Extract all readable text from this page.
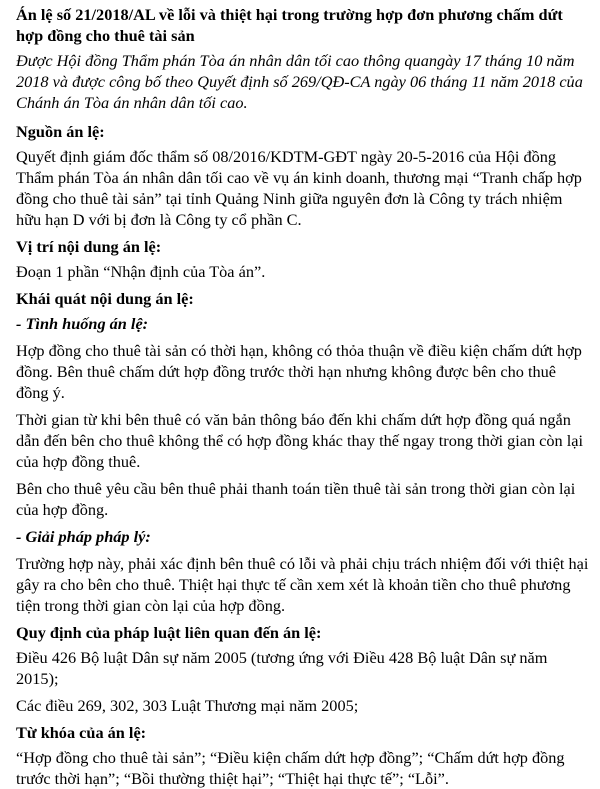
Án lệ số 21/2018/AL về lỗi và thiệt hại trong trường hợp đơn phương chấm dứt hợp đồng cho thuê tài sản

Được Hội đồng Thẩm phán Tòa án nhân dân tối cao thông quangày 17 tháng 10 năm 2018 và được công bố theo Quyết định số 269/QĐ-CA ngày 06 tháng 11 năm 2018 của Chánh án Tòa án nhân dân tối cao.

Nguồn án lệ:

Quyết định giám đốc thẩm số 08/2016/KDTM-GĐT ngày 20-5-2016 của Hội đồng Thẩm phán Tòa án nhân dân tối cao về vụ án kinh doanh, thương mại “Tranh chấp hợp đồng cho thuê tài sản” tại tỉnh Quảng Ninh giữa nguyên đơn là Công ty trách nhiệm hữu hạn D với bị đơn là Công ty cổ phần C.

Vị trí nội dung án lệ:

Đoạn 1 phần “Nhận định của Tòa án”.

Khái quát nội dung án lệ:

- Tình huống án lệ:

Hợp đồng cho thuê tài sản có thời hạn, không có thỏa thuận về điều kiện chấm dứt hợp đồng. Bên thuê chấm dứt hợp đồng trước thời hạn nhưng không được bên cho thuê đồng ý.

Thời gian từ khi bên thuê có văn bản thông báo đến khi chấm dứt hợp đồng quá ngắn dẫn đến bên cho thuê không thể có hợp đồng khác thay thế ngay trong thời gian còn lại của hợp đồng thuê.

Bên cho thuê yêu cầu bên thuê phải thanh toán tiền thuê tài sản trong thời gian còn lại của hợp đồng.

- Giải pháp pháp lý:

Trường hợp này, phải xác định bên thuê có lỗi và phải chịu trách nhiệm đối với thiệt hại gây ra cho bên cho thuê. Thiệt hại thực tế cần xem xét là khoản tiền cho thuê phương tiện trong thời gian còn lại của hợp đồng.

Quy định của pháp luật liên quan đến án lệ:

Điều 426 Bộ luật Dân sự năm 2005 (tương ứng với Điều 428 Bộ luật Dân sự năm 2015);

Các điều 269, 302, 303 Luật Thương mại năm 2005;

Từ khóa của án lệ:

“Hợp đồng cho thuê tài sản”; “Điều kiện chấm dứt hợp đồng”; “Chấm dứt hợp đồng trước thời hạn”; “Bồi thường thiệt hại”; “Thiệt hại thực tế”; “Lỗi”.
